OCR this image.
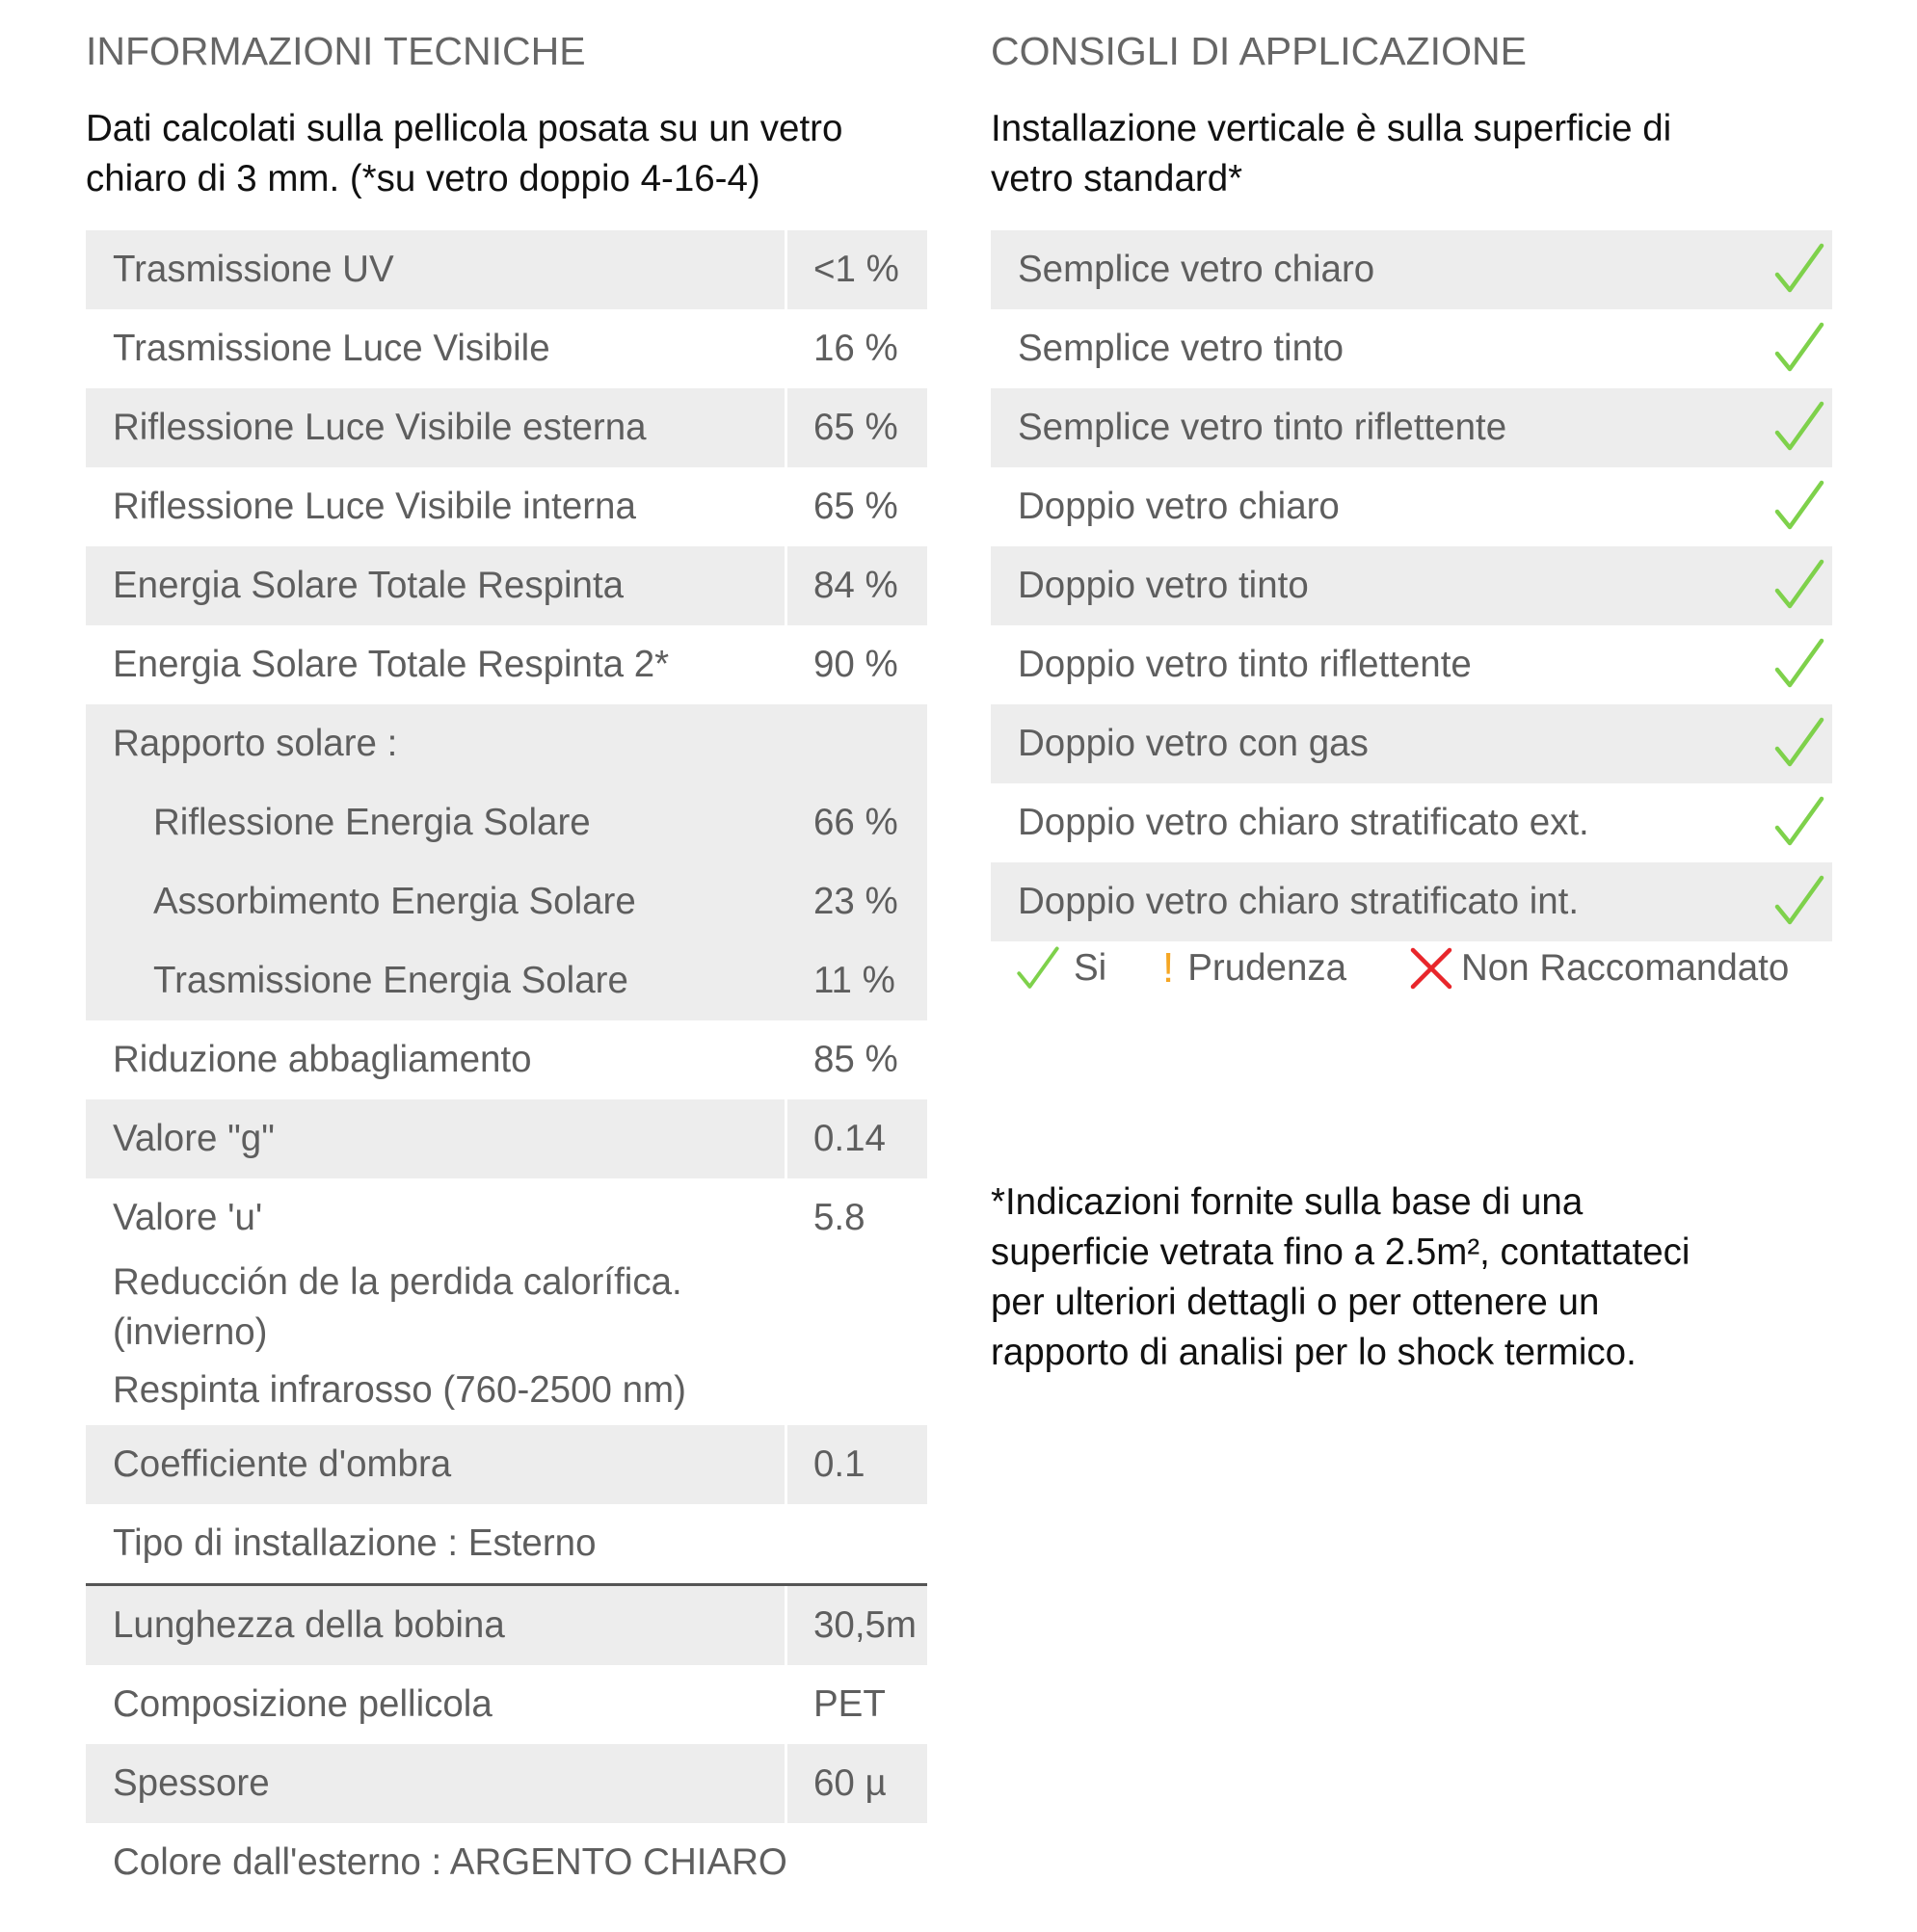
INFORMAZIONI TECNICHE
Dati calcolati sulla pellicola posata su un vetro
chiaro di 3 mm. (*su vetro doppio 4-16-4)
Trasmissione UV	<1 %
Trasmissione Luce Visibile	16 %
Riflessione Luce Visibile esterna	65 %
Riflessione Luce Visibile interna	65 %
Energia Solare Totale Respinta	84 %
Energia Solare Totale Respinta 2*	90 %
Rapporto solare :
Riflessione Energia Solare	66 %
Assorbimento Energia Solare	23 %
Trasmissione Energia Solare	11 %
Riduzione abbagliamento	85 %
Valore "g"	0.14
Valore 'u'	5.8
Reducción de la perdida calorífica.
(invierno)
Respinta infrarosso (760-2500 nm)
Coefficiente d'ombra	0.1
Tipo di installazione : Esterno
Lunghezza della bobina	30,5m
Composizione pellicola	PET
Spessore	60 µ
Colore dall'esterno : ARGENTO CHIARO
CONSIGLI DI APPLICAZIONE
Installazione verticale è sulla superficie di
vetro standard*
Semplice vetro chiaro
Semplice vetro tinto
Semplice vetro tinto riflettente
Doppio vetro chiaro
Doppio vetro tinto
Doppio vetro tinto riflettente
Doppio vetro con gas
Doppio vetro chiaro stratificato ext.
Doppio vetro chiaro stratificato int.
Si ! Prudenza	Non Raccomandato
*Indicazioni fornite sulla base di una
superficie vetrata fino a 2.5m², contattateci
per ulteriori dettagli o per ottenere un
rapporto di analisi per lo shock termico.
